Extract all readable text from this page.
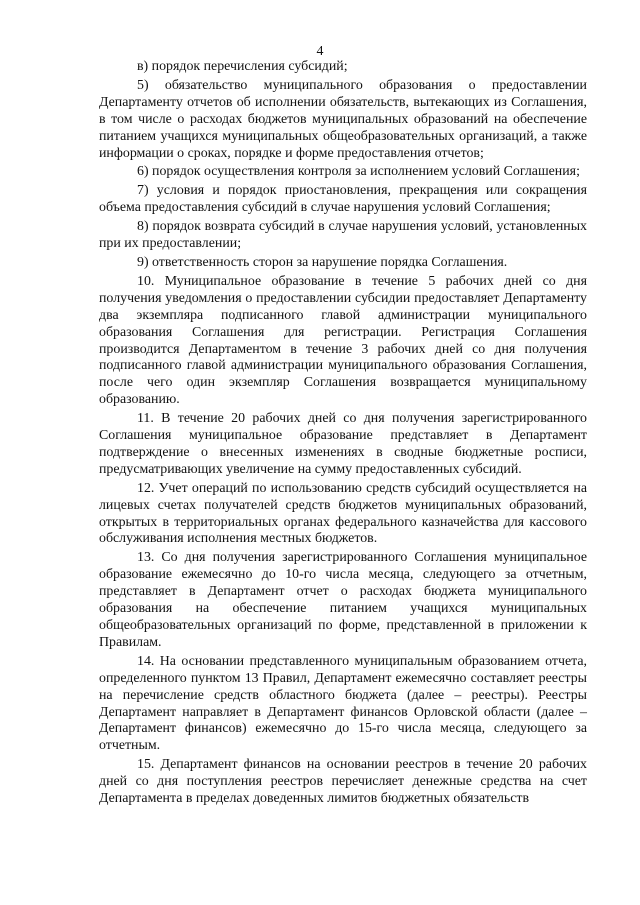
4

в) порядок перечисления субсидий;

5) обязательство муниципального образования о предоставлении Департаменту отчетов об исполнении обязательств, вытекающих из Соглашения, в том числе о расходах бюджетов муниципальных образований на обеспечение питанием учащихся муниципальных общеобразовательных организаций, а также информации о сроках, порядке и форме предоставления отчетов;

6) порядок осуществления контроля за исполнением условий Соглашения;

7) условия и порядок приостановления, прекращения или сокращения объема предоставления субсидий в случае нарушения условий Соглашения;

8) порядок возврата субсидий в случае нарушения условий, установленных при их предоставлении;

9) ответственность сторон за нарушение порядка Соглашения.

10. Муниципальное образование в течение 5 рабочих дней со дня получения уведомления о предоставлении субсидии предоставляет Департаменту два экземпляра подписанного главой администрации муниципального образования Соглашения для регистрации. Регистрация Соглашения производится Департаментом в течение 3 рабочих дней со дня получения подписанного главой администрации муниципального образования Соглашения, после чего один экземпляр Соглашения возвращается муниципальному образованию.

11. В течение 20 рабочих дней со дня получения зарегистрированного Соглашения муниципальное образование представляет в Департамент подтверждение о внесенных изменениях в сводные бюджетные росписи, предусматривающих увеличение на сумму предоставленных субсидий.

12. Учет операций по использованию средств субсидий осуществляется на лицевых счетах получателей средств бюджетов муниципальных образований, открытых в территориальных органах федерального казначейства для кассового обслуживания исполнения местных бюджетов.

13. Со дня получения зарегистрированного Соглашения муниципальное образование ежемесячно до 10-го числа месяца, следующего за отчетным, представляет в Департамент отчет о расходах бюджета муниципального образования на обеспечение питанием учащихся муниципальных общеобразовательных организаций по форме, представленной в приложении к Правилам.

14. На основании представленного муниципальным образованием отчета, определенного пунктом 13 Правил, Департамент ежемесячно составляет реестры на перечисление средств областного бюджета (далее – реестры). Реестры Департамент направляет в Департамент финансов Орловской области (далее – Департамент финансов) ежемесячно до 15-го числа месяца, следующего за отчетным.

15. Департамент финансов на основании реестров в течение 20 рабочих дней со дня поступления реестров перечисляет денежные средства на счет Департамента в пределах доведенных лимитов бюджетных обязательств
